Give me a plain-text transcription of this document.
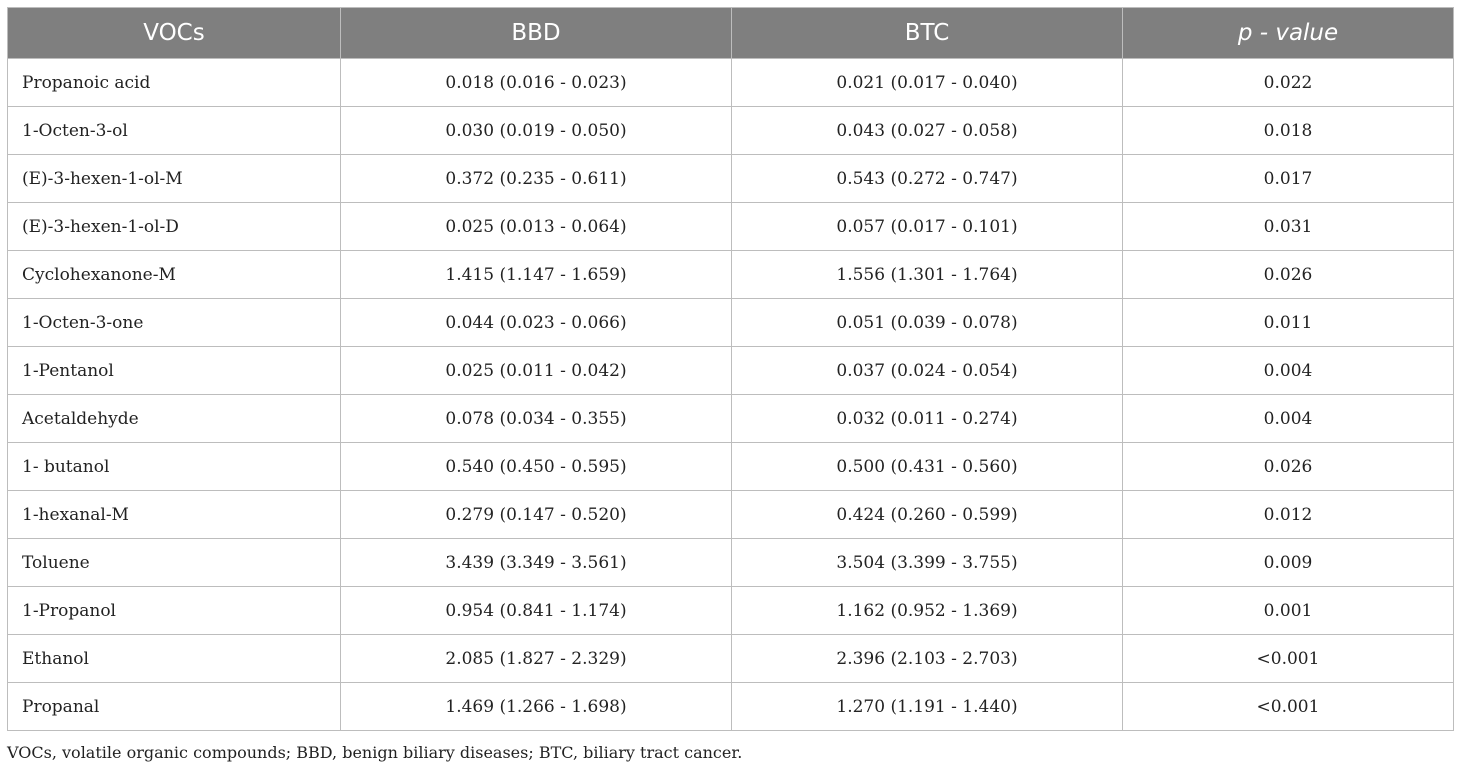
VOCs	BBD	BTC	p - value
Propanoic acid	0.018 (0.016 - 0.023)	0.021 (0.017 - 0.040)	0.022
1-Octen-3-ol	0.030 (0.019 - 0.050)	0.043 (0.027 - 0.058)	0.018
(E)-3-hexen-1-ol-M	0.372 (0.235 - 0.611)	0.543 (0.272 - 0.747)	0.017
(E)-3-hexen-1-ol-D	0.025 (0.013 - 0.064)	0.057 (0.017 - 0.101)	0.031
Cyclohexanone-M	1.415 (1.147 - 1.659)	1.556 (1.301 - 1.764)	0.026
1-Octen-3-one	0.044 (0.023 - 0.066)	0.051 (0.039 - 0.078)	0.011
1-Pentanol	0.025 (0.011 - 0.042)	0.037 (0.024 - 0.054)	0.004
Acetaldehyde	0.078 (0.034 - 0.355)	0.032 (0.011 - 0.274)	0.004
1- butanol	0.540 (0.450 - 0.595)	0.500 (0.431 - 0.560)	0.026
1-hexanal-M	0.279 (0.147 - 0.520)	0.424 (0.260 - 0.599)	0.012
Toluene	3.439 (3.349 - 3.561)	3.504 (3.399 - 3.755)	0.009
1-Propanol	0.954 (0.841 - 1.174)	1.162 (0.952 - 1.369)	0.001
Ethanol	2.085 (1.827 - 2.329)	2.396 (2.103 - 2.703)	<0.001
Propanal	1.469 (1.266 - 1.698)	1.270 (1.191 - 1.440)	<0.001
VOCs, volatile organic compounds; BBD, benign biliary diseases; BTC, biliary tract cancer.
